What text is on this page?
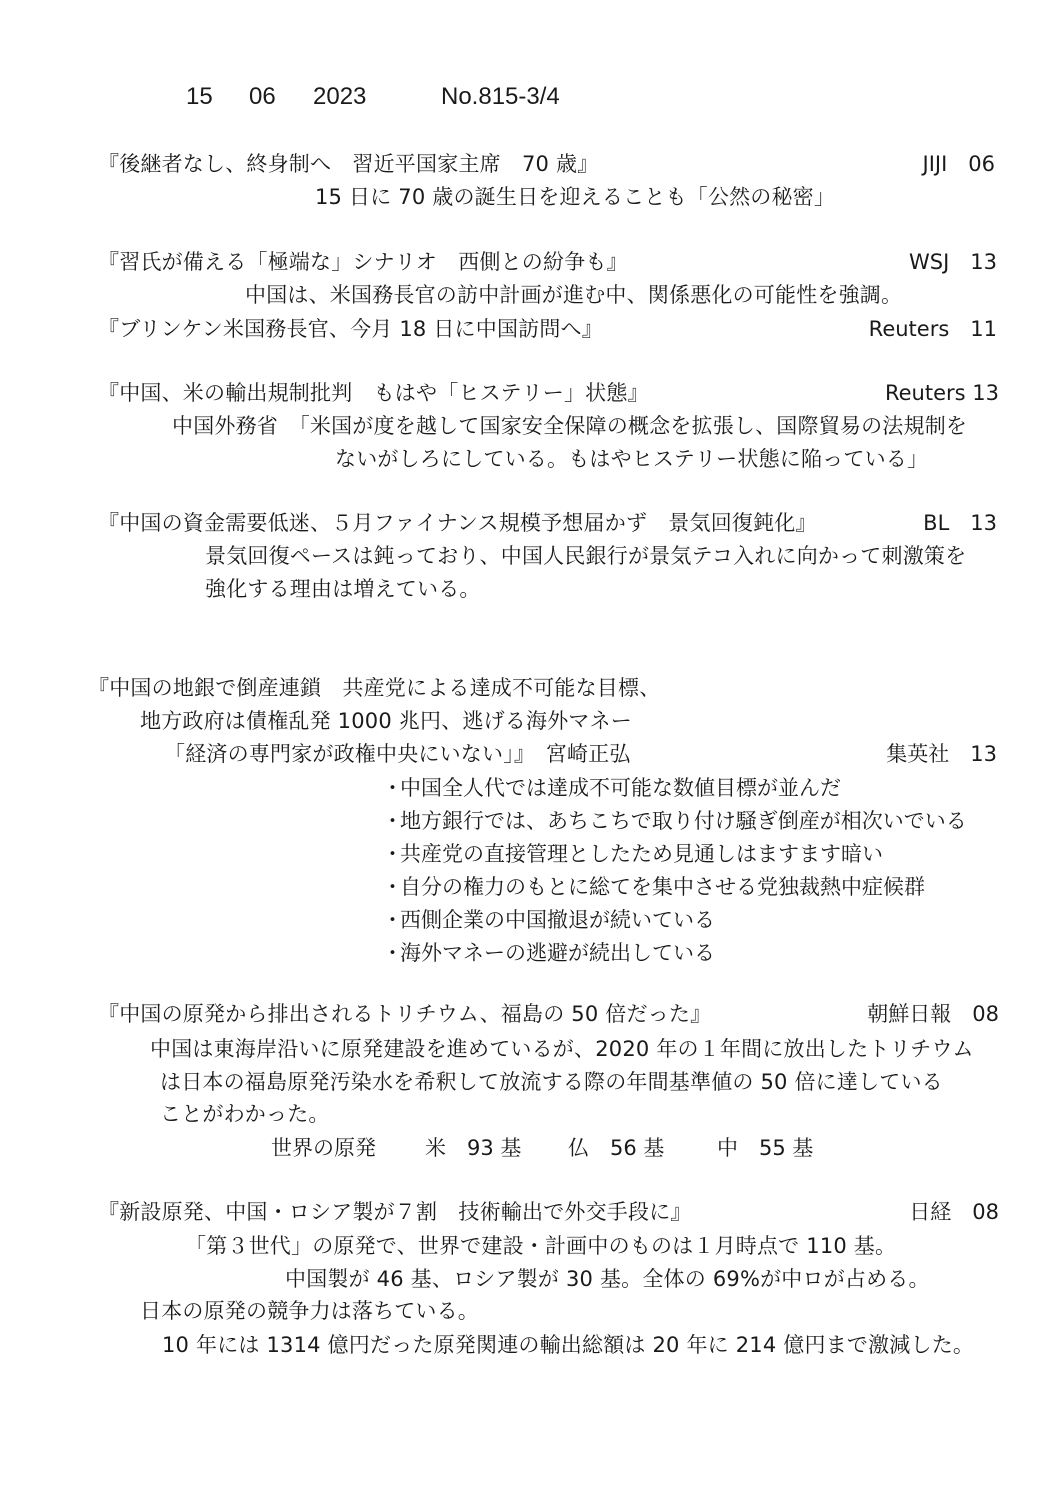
15 06 2023	No.815-3/4
『後継者なし、終身制へ　習近平国家主席　70 歳』	JIJI　06
15 日に 70 歳の誕生日を迎えることも「公然の秘密」
『習氏が備える「極端な」シナリオ　西側との紛争も』	WSJ　13
中国は、米国務長官の訪中計画が進む中、関係悪化の可能性を強調。
『ブリンケン米国務長官、今月 18 日に中国訪問へ』	Reuters　11
『中国、米の輸出規制批判　もはや「ヒステリー」状態』	Reuters 13
中国外務省　「米国が度を越して国家安全保障の概念を拡張し、国際貿易の法規制を
ないがしろにしている。もはやヒステリー状態に陥っている」
『中国の資金需要低迷、５月ファイナンス規模予想届かず　景気回復鈍化』	BL　13
景気回復ペースは鈍っており、中国人民銀行が景気テコ入れに向かって刺激策を
強化する理由は増えている。
『中国の地銀で倒産連鎖　共産党による達成不可能な目標、
地方政府は債権乱発 1000 兆円、逃げる海外マネー
「経済の専門家が政権中央にいない」』　宮崎正弘	集英社　13
・中国全人代では達成不可能な数値目標が並んだ
・地方銀行では、あちこちで取り付け騒ぎ倒産が相次いでいる
・共産党の直接管理としたため見通しはますます暗い
・自分の権力のもとに総てを集中させる党独裁熱中症候群
・西側企業の中国撤退が続いている
・海外マネーの逃避が続出している
『中国の原発から排出されるトリチウム、福島の 50 倍だった』	朝鮮日報　08
中国は東海岸沿いに原発建設を進めているが、2020 年の１年間に放出したトリチウム
は日本の福島原発汚染水を希釈して放流する際の年間基準値の 50 倍に達している
ことがわかった。
世界の原発 米　93 基 仏　56 基	中　55 基
『新設原発、中国・ロシア製が７割　技術輸出で外交手段に』	日経　08
「第３世代」の原発で、世界で建設・計画中のものは１月時点で 110 基。
中国製が 46 基、ロシア製が 30 基。全体の 69%が中ロが占める。
日本の原発の競争力は落ちている。
10 年には 1314 億円だった原発関連の輸出総額は 20 年に 214 億円まで激減した。
